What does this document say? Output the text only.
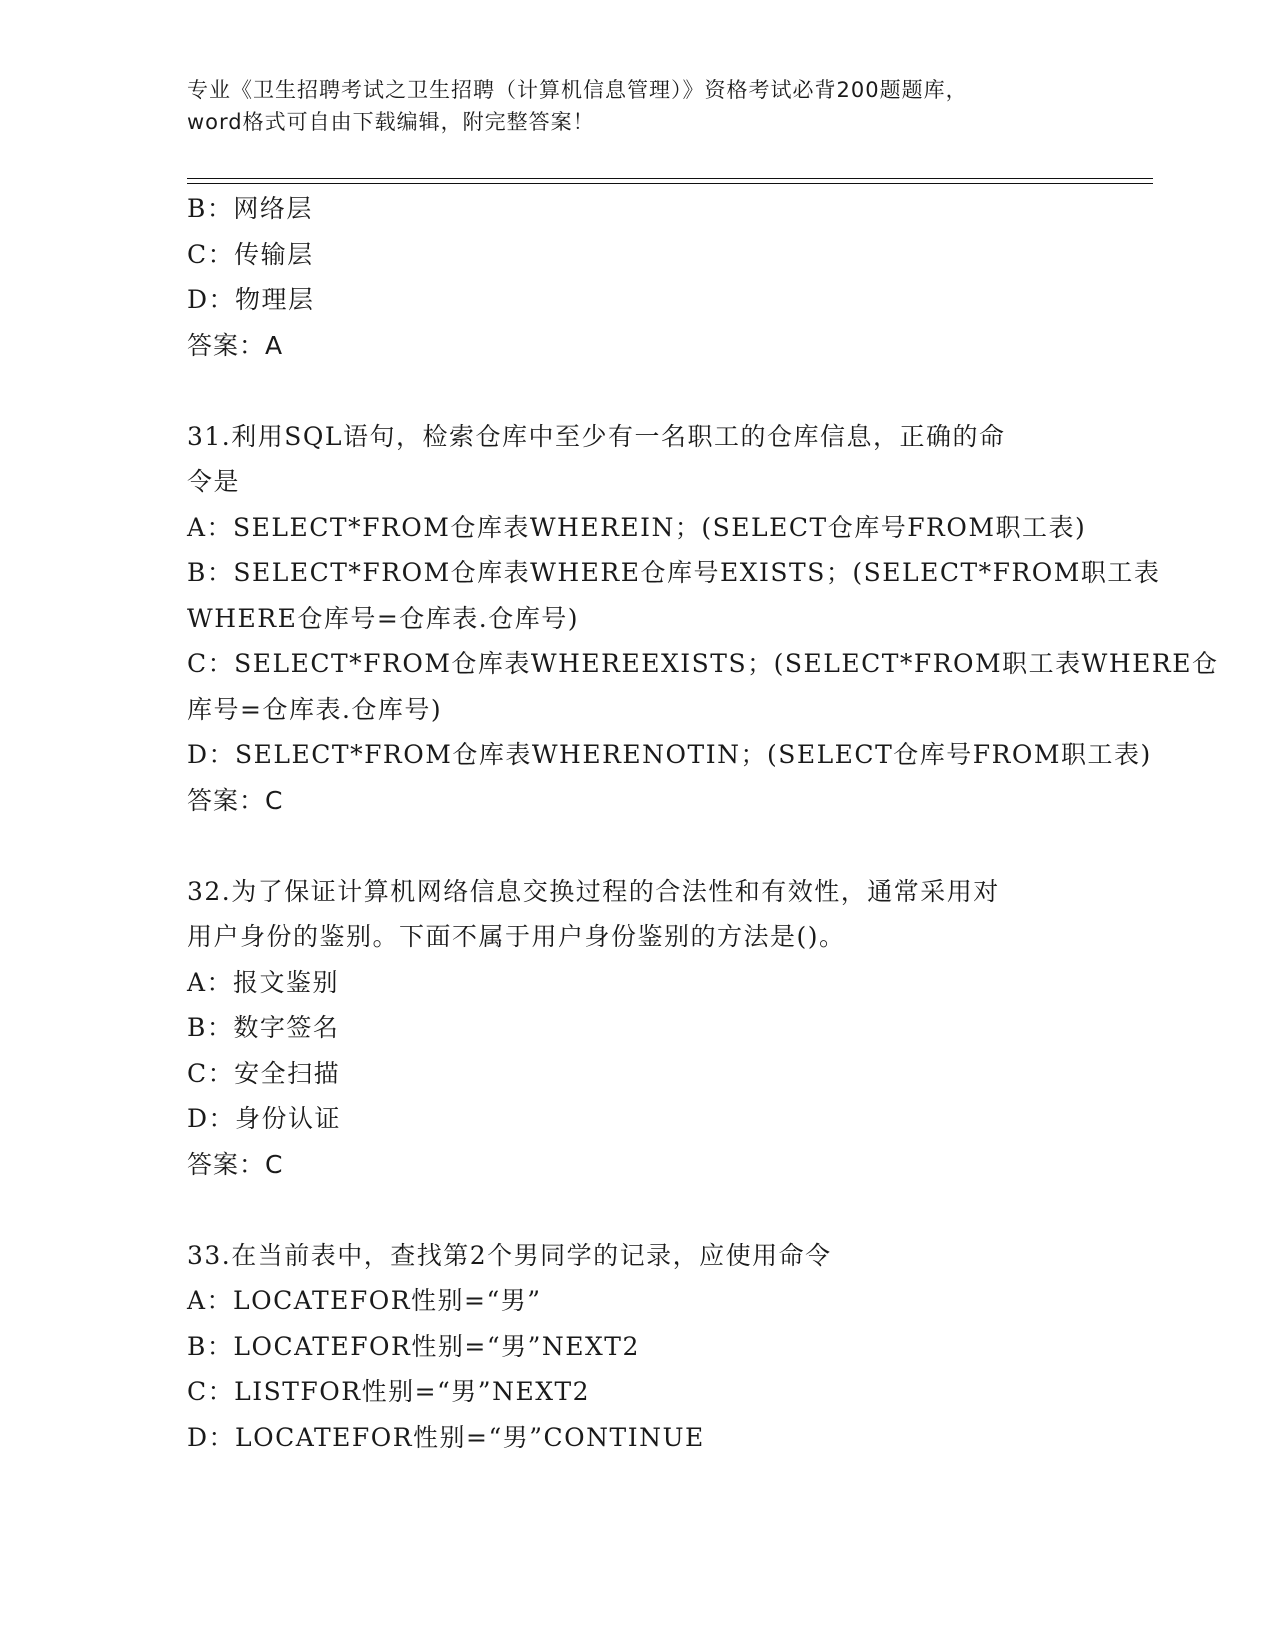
专业《卫生招聘考试之卫生招聘（计算机信息管理）》资格考试必背200题题库，
word格式可自由下载编辑，附完整答案！
B：网络层
C：传输层
D：物理层
答案：A
31.利用SQL语句，检索仓库中至少有一名职工的仓库信息，正确的命
令是
A：SELECT*FROM仓库表WHEREIN；(SELECT仓库号FROM职工表)
B：SELECT*FROM仓库表WHERE仓库号EXISTS；(SELECT*FROM职工表
WHERE仓库号=仓库表.仓库号)
C：SELECT*FROM仓库表WHEREEXISTS；(SELECT*FROM职工表WHERE仓
库号=仓库表.仓库号)
D：SELECT*FROM仓库表WHERENOTIN；(SELECT仓库号FROM职工表)
答案：C
32.为了保证计算机网络信息交换过程的合法性和有效性，通常采用对
用户身份的鉴别。下面不属于用户身份鉴别的方法是()。
A：报文鉴别
B：数字签名
C：安全扫描
D：身份认证
答案：C
33.在当前表中，查找第2个男同学的记录，应使用命令
A：LOCATEFOR性别=“男”
B：LOCATEFOR性别=“男”NEXT2
C：LISTFOR性别=“男”NEXT2
D：LOCATEFOR性别=“男”CONTINUE
